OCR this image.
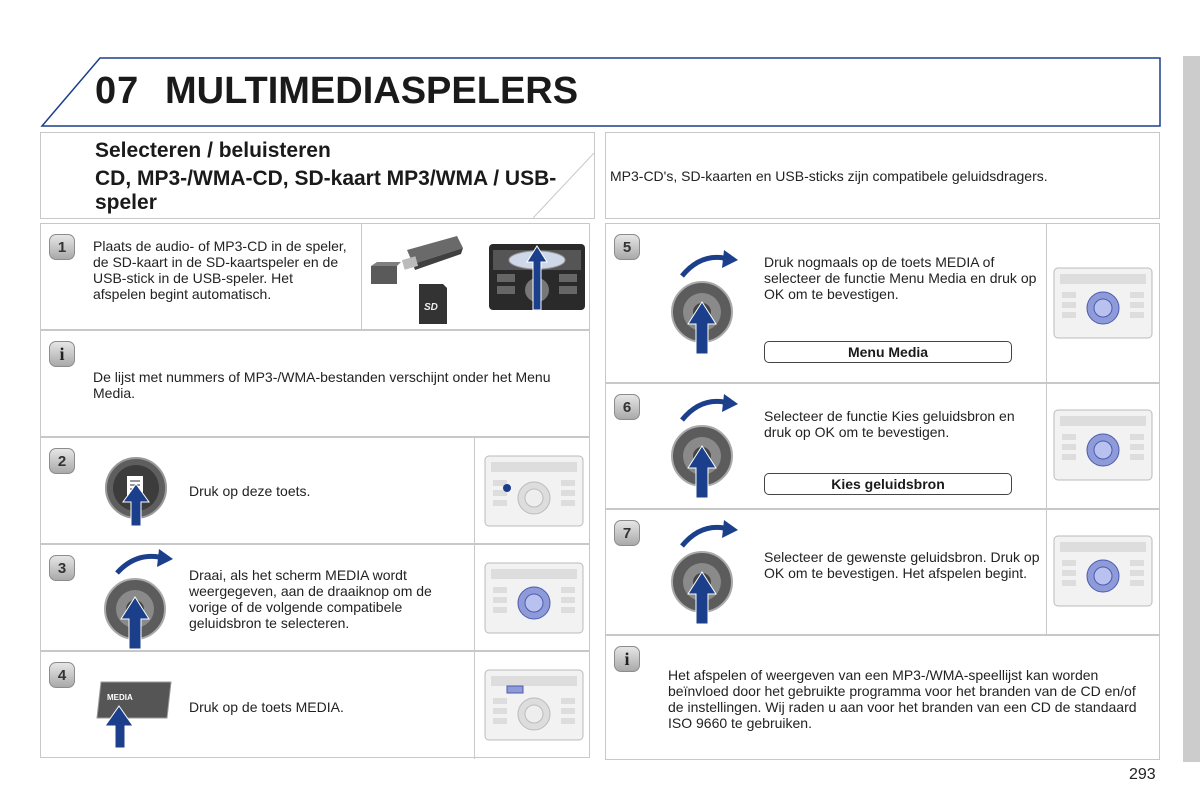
07 MULTIMEDIASPELERS
Selecteren / beluisteren
CD, MP3-/WMA-CD, SD-kaart MP3/WMA / USB-speler
MP3-CD's, SD-kaarten en USB-sticks zijn compatibele geluidsdragers.
1	Plaats de audio- of MP3-CD in de speler, de SD-kaart in de SD-kaartspeler en de USB-stick in de USB-speler. Het afspelen begint automatisch.
SD
i
De lijst met nummers of MP3-/WMA-bestanden verschijnt onder het Menu Media.
2
Druk op deze toets.
3	Draai, als het scherm MEDIA wordt weergegeven, aan de draaiknop om de vorige of de volgende compatibele geluidsbron te selecteren.
4
MEDIA
Druk op de toets MEDIA.
5
Druk nogmaals op de toets MEDIA of selecteer de functie Menu Media en druk op OK om te bevestigen.
Menu Media
6
Selecteer de functie Kies geluidsbron en druk op OK om te bevestigen.
Kies geluidsbron
7
Selecteer de gewenste geluidsbron. Druk op OK om te bevestigen. Het afspelen begint.
i
Het afspelen of weergeven van een MP3-/WMA-speellijst kan worden beïnvloed door het gebruikte programma voor het branden van de CD en/of de instellingen. Wij raden u aan voor het branden van een CD de standaard ISO 9660 te gebruiken.
293
